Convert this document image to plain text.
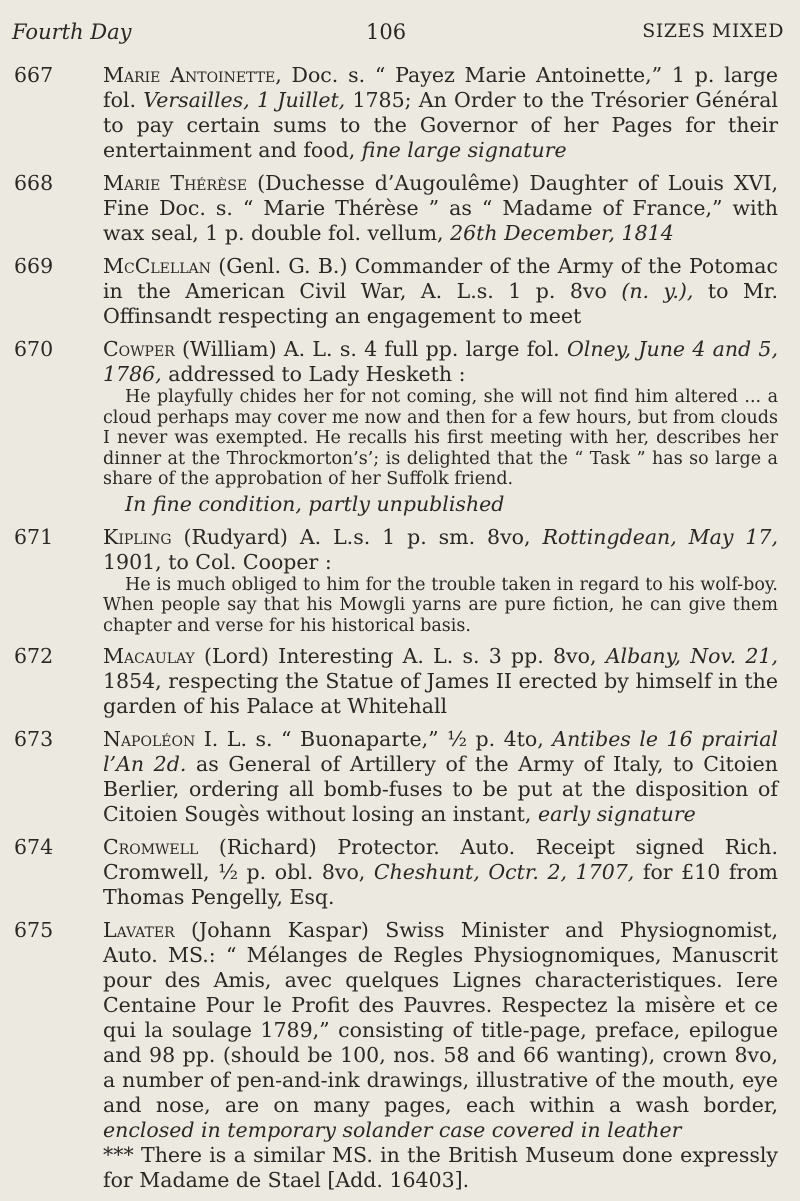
Fourth Day	106	SIZES MIXED
667	Marie Antoinette, Doc. s. “ Payez Marie Antoinette,” 1 p. large fol. Versailles, 1 Juillet, 1785; An Order to the Trésorier Général to pay certain sums to the Governor of her Pages for their entertainment and food, fine large signature
668	Marie Thérèse (Duchesse d’Augoulême) Daughter of Louis XVI, Fine Doc. s. “ Marie Thérèse ” as “ Madame of France,” with wax seal, 1 p. double fol. vellum, 26th December, 1814
669	McClellan (Genl. G. B.) Commander of the Army of the Potomac in the American Civil War, A. L.s. 1 p. 8vo (n. y.), to Mr. Offinsandt respecting an engagement to meet
670	Cowper (William) A. L. s. 4 full pp. large fol. Olney, June 4 and 5, 1786, addressed to Lady Hesketh :
He playfully chides her for not coming, she will not find him altered ... a cloud perhaps may cover me now and then for a few hours, but from clouds I never was exempted. He recalls his first meeting with her, describes her dinner at the Throckmorton’s’; is delighted that the “ Task ” has so large a share of the approbation of her Suffolk friend.
In fine condition, partly unpublished
671	Kipling (Rudyard) A. L.s. 1 p. sm. 8vo, Rottingdean, May 17, 1901, to Col. Cooper :
He is much obliged to him for the trouble taken in regard to his wolf-boy. When people say that his Mowgli yarns are pure fiction, he can give them chapter and verse for his historical basis.
672	Macaulay (Lord) Interesting A. L. s. 3 pp. 8vo, Albany, Nov. 21, 1854, respecting the Statue of James II erected by himself in the garden of his Palace at Whitehall
673	Napoléon I. L. s. “ Buonaparte,” ½ p. 4to, Antibes le 16 prairial l’An 2d. as General of Artillery of the Army of Italy, to Citoien Berlier, ordering all bomb-fuses to be put at the disposition of Citoien Sougès without losing an instant, early signature
674	Cromwell (Richard) Protector. Auto. Receipt signed Rich. Cromwell, ½ p. obl. 8vo, Cheshunt, Octr. 2, 1707, for £10 from Thomas Pengelly, Esq.
675	Lavater (Johann Kaspar) Swiss Minister and Physiognomist, Auto. MS.: “ Mélanges de Regles Physiognomiques, Manuscrit pour des Amis, avec quelques Lignes characteristiques. Iere Centaine Pour le Profit des Pauvres. Respectez la misère et ce qui la soulage 1789,” consisting of title-page, preface, epilogue and 98 pp. (should be 100, nos. 58 and 66 wanting), crown 8vo, a number of pen-and-ink drawings, illustrative of the mouth, eye and nose, are on many pages, each within a wash border, enclosed in temporary solander case covered in leather
*** There is a similar MS. in the British Museum done expressly for Madame de Stael [Add. 16403].
